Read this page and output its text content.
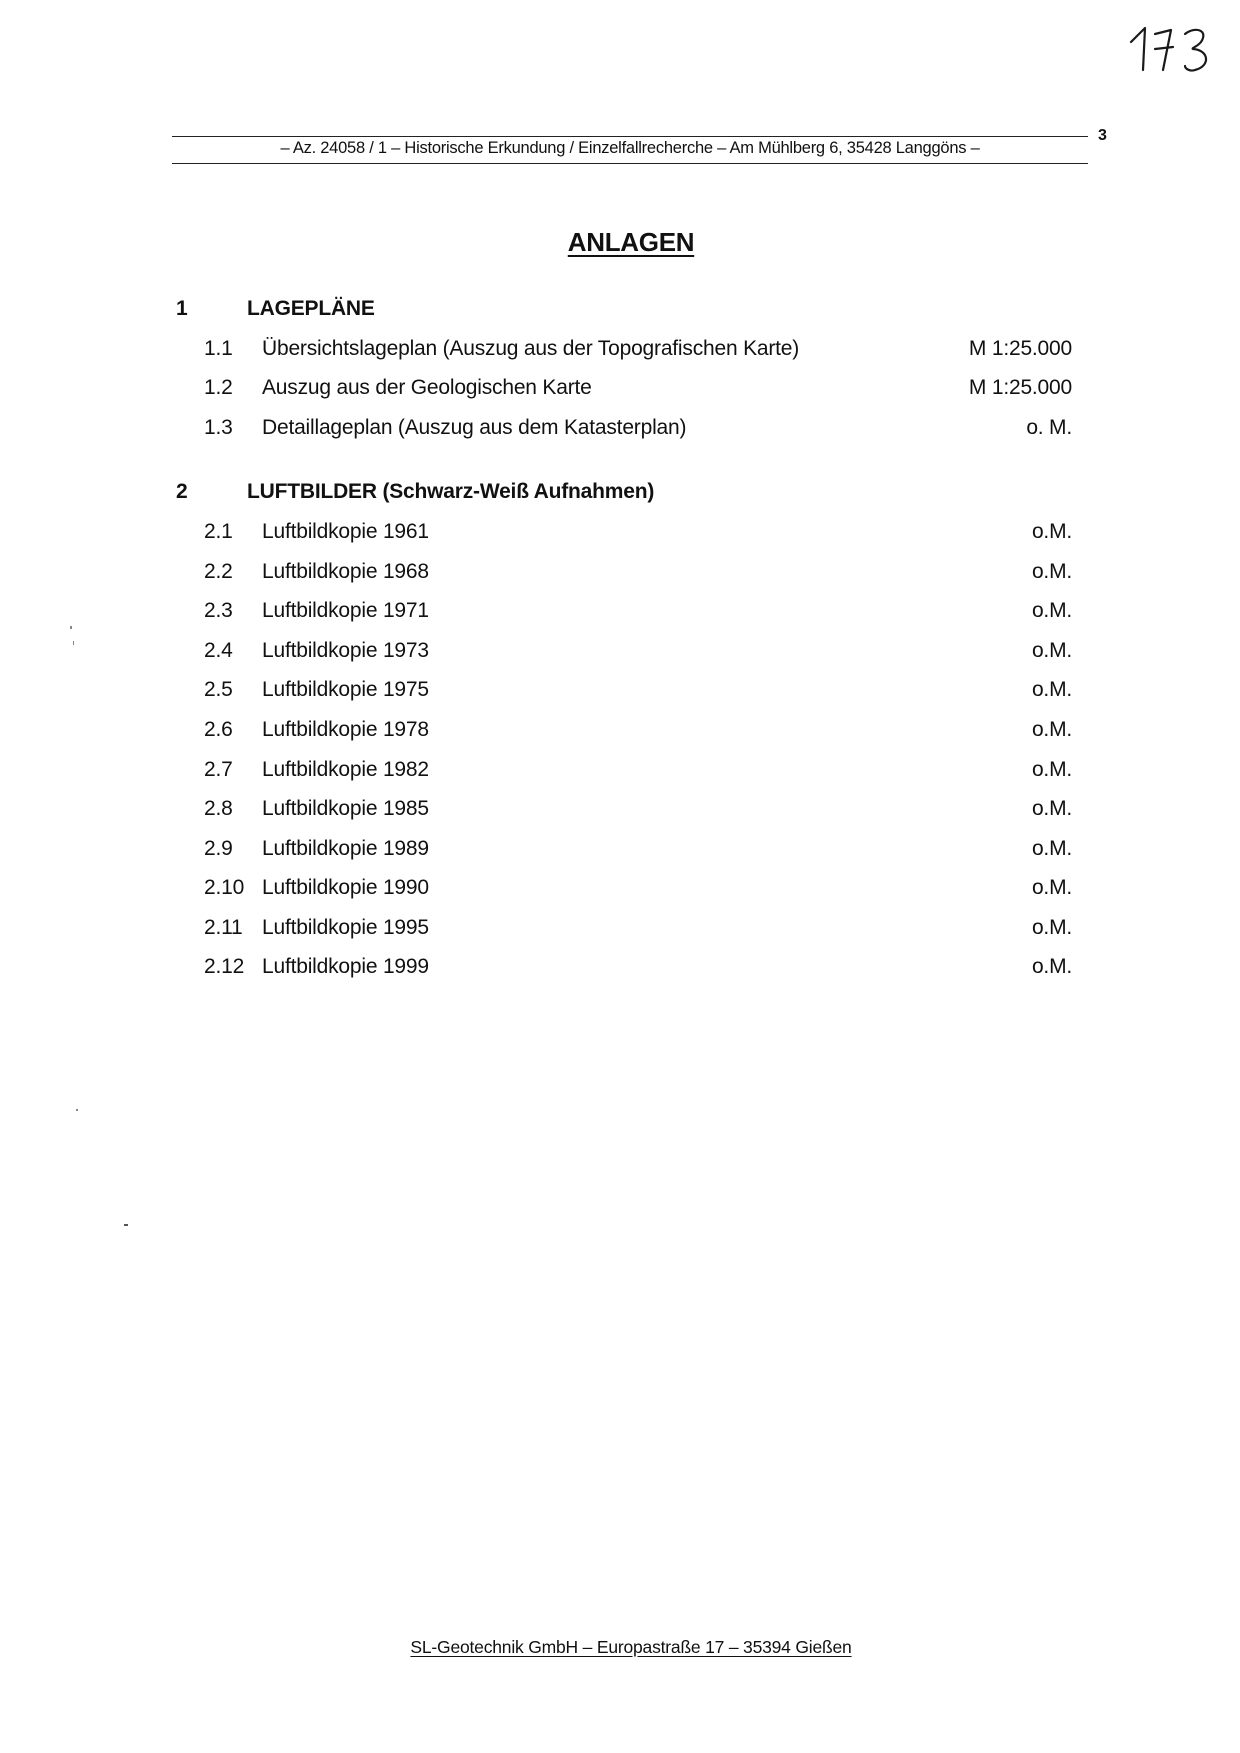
– Az. 24058 / 1 – Historische Erkundung / Einzelfallrecherche – Am Mühlberg 6, 35428 Langgöns –
3
ANLAGEN
1	LAGEPLÄNE
1.1 Übersichtslageplan (Auszug aus der Topografischen Karte)	M 1:25.000
1.2 Auszug aus der Geologischen Karte	M 1:25.000
1.3 Detaillageplan (Auszug aus dem Katasterplan)	o. M.
2	LUFTBILDER (Schwarz-Weiß Aufnahmen)
2.1 Luftbildkopie 1961	o.M.
2.2 Luftbildkopie 1968	o.M.
2.3 Luftbildkopie 1971	o.M.
2.4 Luftbildkopie 1973	o.M.
2.5 Luftbildkopie 1975	o.M.
2.6 Luftbildkopie 1978	o.M.
2.7 Luftbildkopie 1982	o.M.
2.8 Luftbildkopie 1985	o.M.
2.9 Luftbildkopie 1989	o.M.
2.10 Luftbildkopie 1990	o.M.
2.11 Luftbildkopie 1995	o.M.
2.12 Luftbildkopie 1999	o.M.
SL-Geotechnik GmbH – Europastraße 17 – 35394 Gießen
